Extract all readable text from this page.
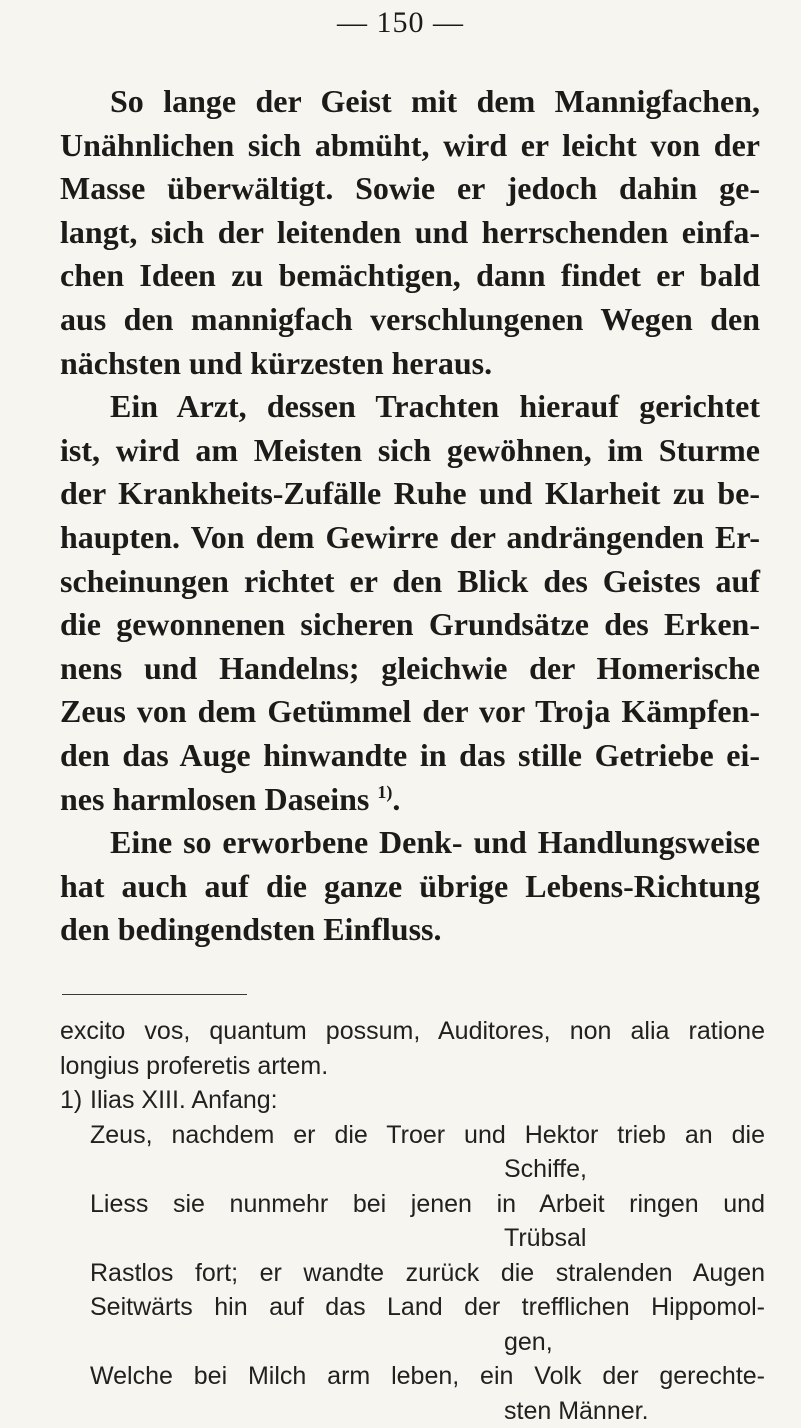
— 150 —
So lange der Geist mit dem Mannigfachen,
Unähnlichen sich abmüht, wird er leicht von der
Masse überwältigt. Sowie er jedoch dahin ge-
langt, sich der leitenden und herrschenden einfa-
chen Ideen zu bemächtigen, dann findet er bald
aus den mannigfach verschlungenen Wegen den
nächsten und kürzesten heraus.
Ein Arzt, dessen Trachten hierauf gerichtet
ist, wird am Meisten sich gewöhnen, im Sturme
der Krankheits-Zufälle Ruhe und Klarheit zu be-
haupten. Von dem Gewirre der andrängenden Er-
scheinungen richtet er den Blick des Geistes auf
die gewonnenen sicheren Grundsätze des Erken-
nens und Handelns; gleichwie der Homerische
Zeus von dem Getümmel der vor Troja Kämpfen-
den das Auge hinwandte in das stille Getriebe ei-
nes harmlosen Daseins $^{1)}$.
Eine so erworbene Denk- und Handlungsweise
hat auch auf die ganze übrige Lebens-Richtung
den bedingendsten Einfluss.
excito vos, quantum possum, Auditores, non alia ratione
longius proferetis artem.
1) Ilias XIII. Anfang:
Zeus, nachdem er die Troer und Hektor trieb an die
Schiffe,
Liess sie nunmehr bei jenen in Arbeit ringen und
Trübsal
Rastlos fort; er wandte zurück die stralenden Augen
Seitwärts hin auf das Land der trefflichen Hippomol-
gen,
Welche bei Milch arm leben, ein Volk der gerechte-
sten Männer.
